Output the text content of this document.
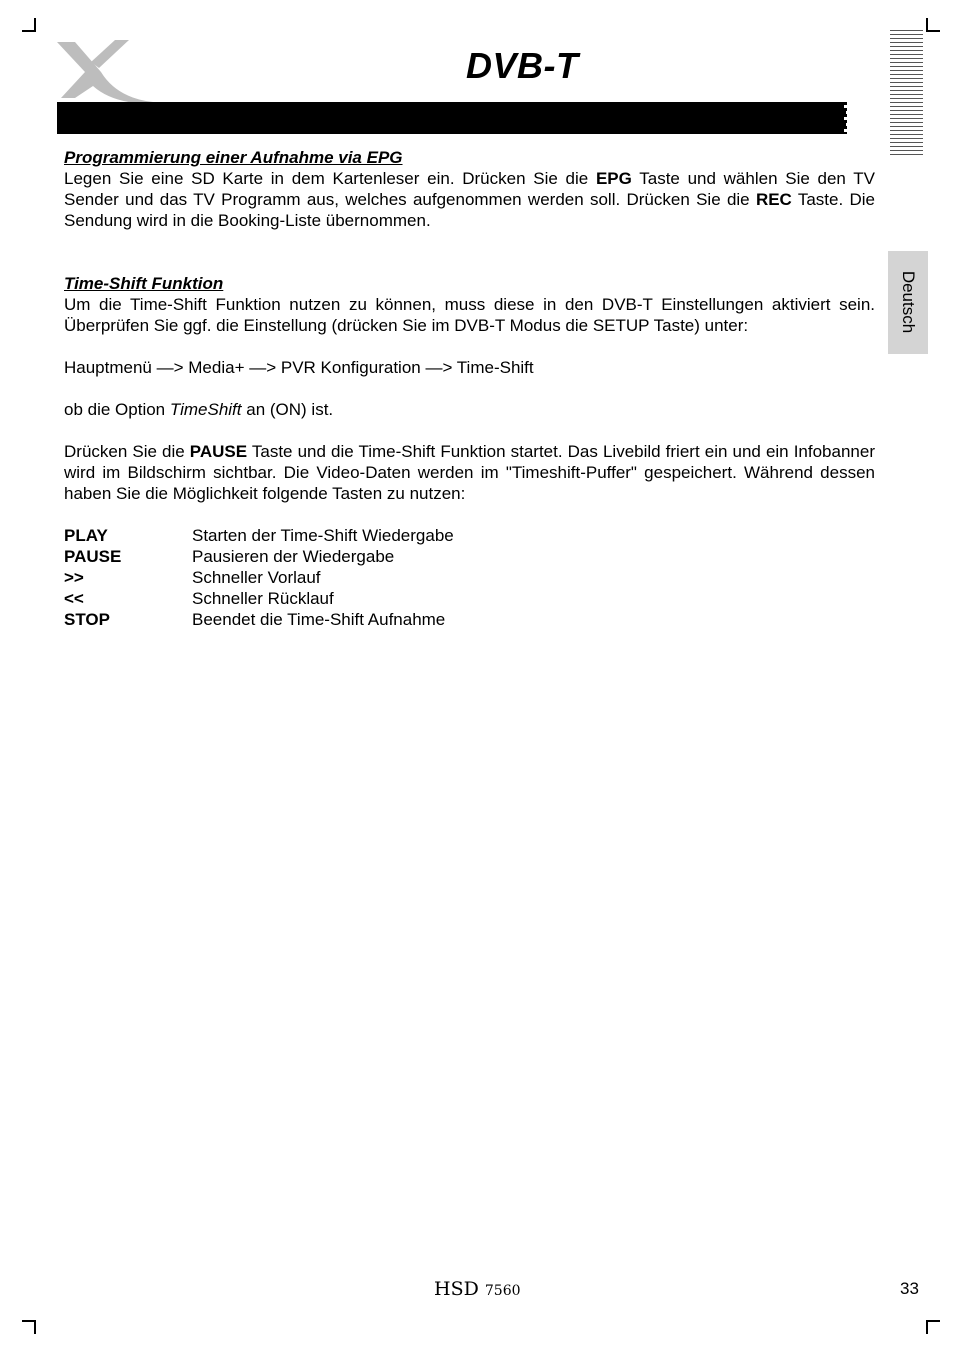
DVB-T
Deutsch
Programmierung einer Aufnahme via EPG

Legen Sie eine SD Karte in dem Kartenleser ein. Drücken Sie die EPG Taste und wählen Sie den TV Sender und das TV Programm aus, welches aufgenommen werden soll. Drücken Sie die REC Taste. Die Sendung wird in die Booking-Liste übernommen.

Time-Shift Funktion

Um die Time-Shift Funktion nutzen zu können, muss diese in den DVB-T Einstellungen aktiviert sein. Überprüfen Sie ggf. die Einstellung (drücken Sie im DVB-T Modus die SETUP Taste) unter:

Hauptmenü —> Media+ —> PVR Konfiguration —> Time-Shift

ob die Option TimeShift an (ON) ist.

Drücken Sie die PAUSE Taste und die Time-Shift Funktion startet. Das Livebild friert ein und ein Infobanner wird im Bildschirm sichtbar. Die Video-Daten werden im "Timeshift-Puffer" gespeichert. Während dessen haben Sie die Möglichkeit folgende Tasten zu nutzen:

PLAY	Starten der Time-Shift Wiedergabe
PAUSE	Pausieren der Wiedergabe
>>	Schneller Vorlauf
<<	Schneller Rücklauf
STOP	Beendet die Time-Shift Aufnahme
HSD 7560	33
